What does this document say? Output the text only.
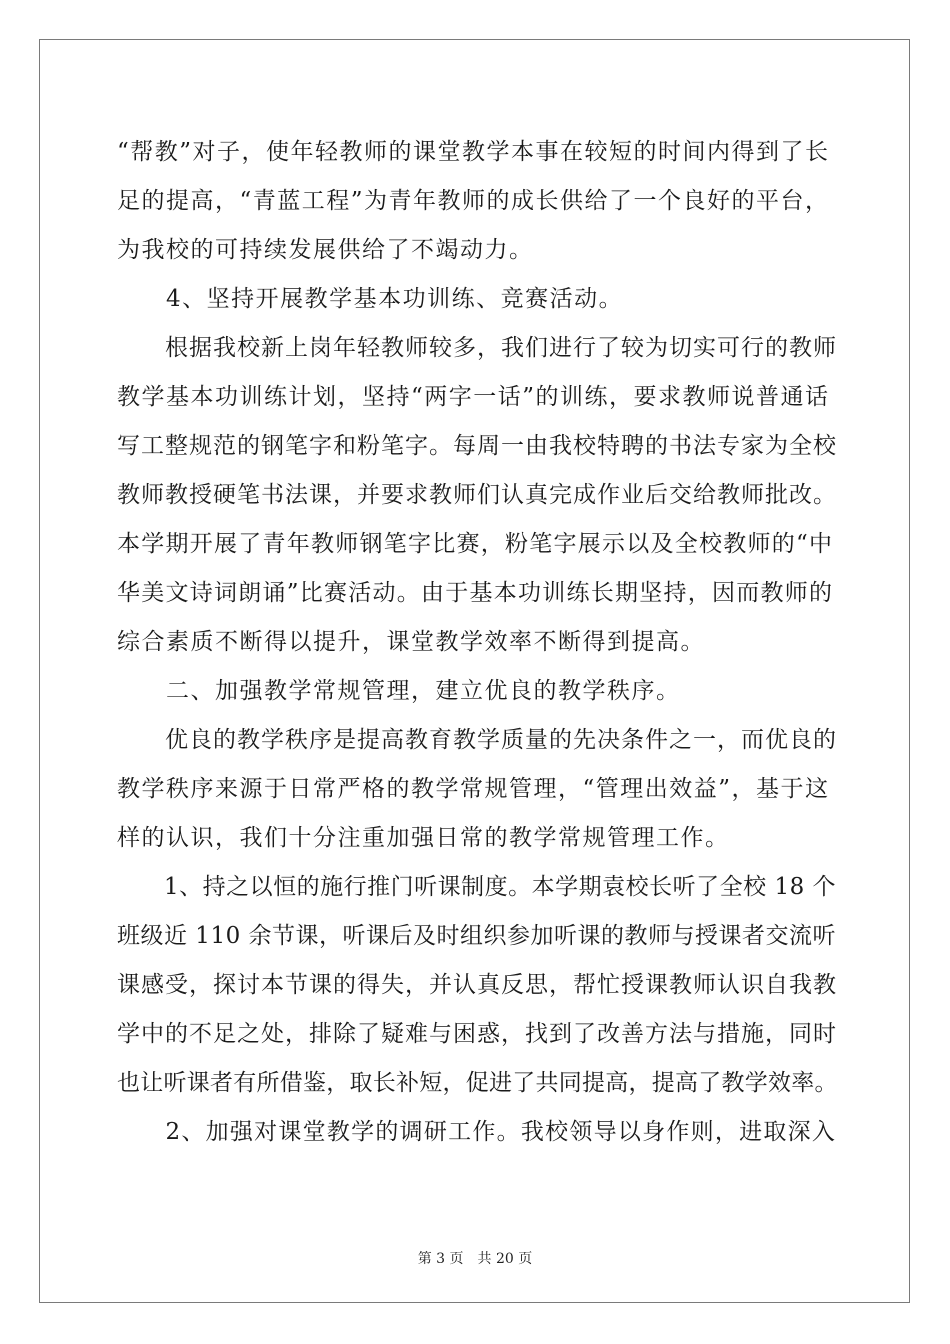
“帮教”对子，使年轻教师的课堂教学本事在较短的时间内得到了长
足的提高，“青蓝工程”为青年教师的成长供给了一个良好的平台，
为我校的可持续发展供给了不竭动力。
　　4、坚持开展教学基本功训练、竞赛活动。
　　根据我校新上岗年轻教师较多，我们进行了较为切实可行的教师
教学基本功训练计划，坚持“两字一话”的训练，要求教师说普通话
写工整规范的钢笔字和粉笔字。每周一由我校特聘的书法专家为全校
教师教授硬笔书法课，并要求教师们认真完成作业后交给教师批改。
本学期开展了青年教师钢笔字比赛，粉笔字展示以及全校教师的“中
华美文诗词朗诵”比赛活动。由于基本功训练长期坚持，因而教师的
综合素质不断得以提升，课堂教学效率不断得到提高。
　　二、加强教学常规管理，建立优良的教学秩序。
　　优良的教学秩序是提高教育教学质量的先决条件之一，而优良的
教学秩序来源于日常严格的教学常规管理，“管理出效益”，基于这
样的认识，我们十分注重加强日常的教学常规管理工作。
　　1、持之以恒的施行推门听课制度。本学期袁校长听了全校 18 个
班级近 110 余节课，听课后及时组织参加听课的教师与授课者交流听
课感受，探讨本节课的得失，并认真反思，帮忙授课教师认识自我教
学中的不足之处，排除了疑难与困惑，找到了改善方法与措施，同时
也让听课者有所借鉴，取长补短，促进了共同提高，提高了教学效率。
　　2、加强对课堂教学的调研工作。我校领导以身作则，进取深入
第 3 页 共 20 页
